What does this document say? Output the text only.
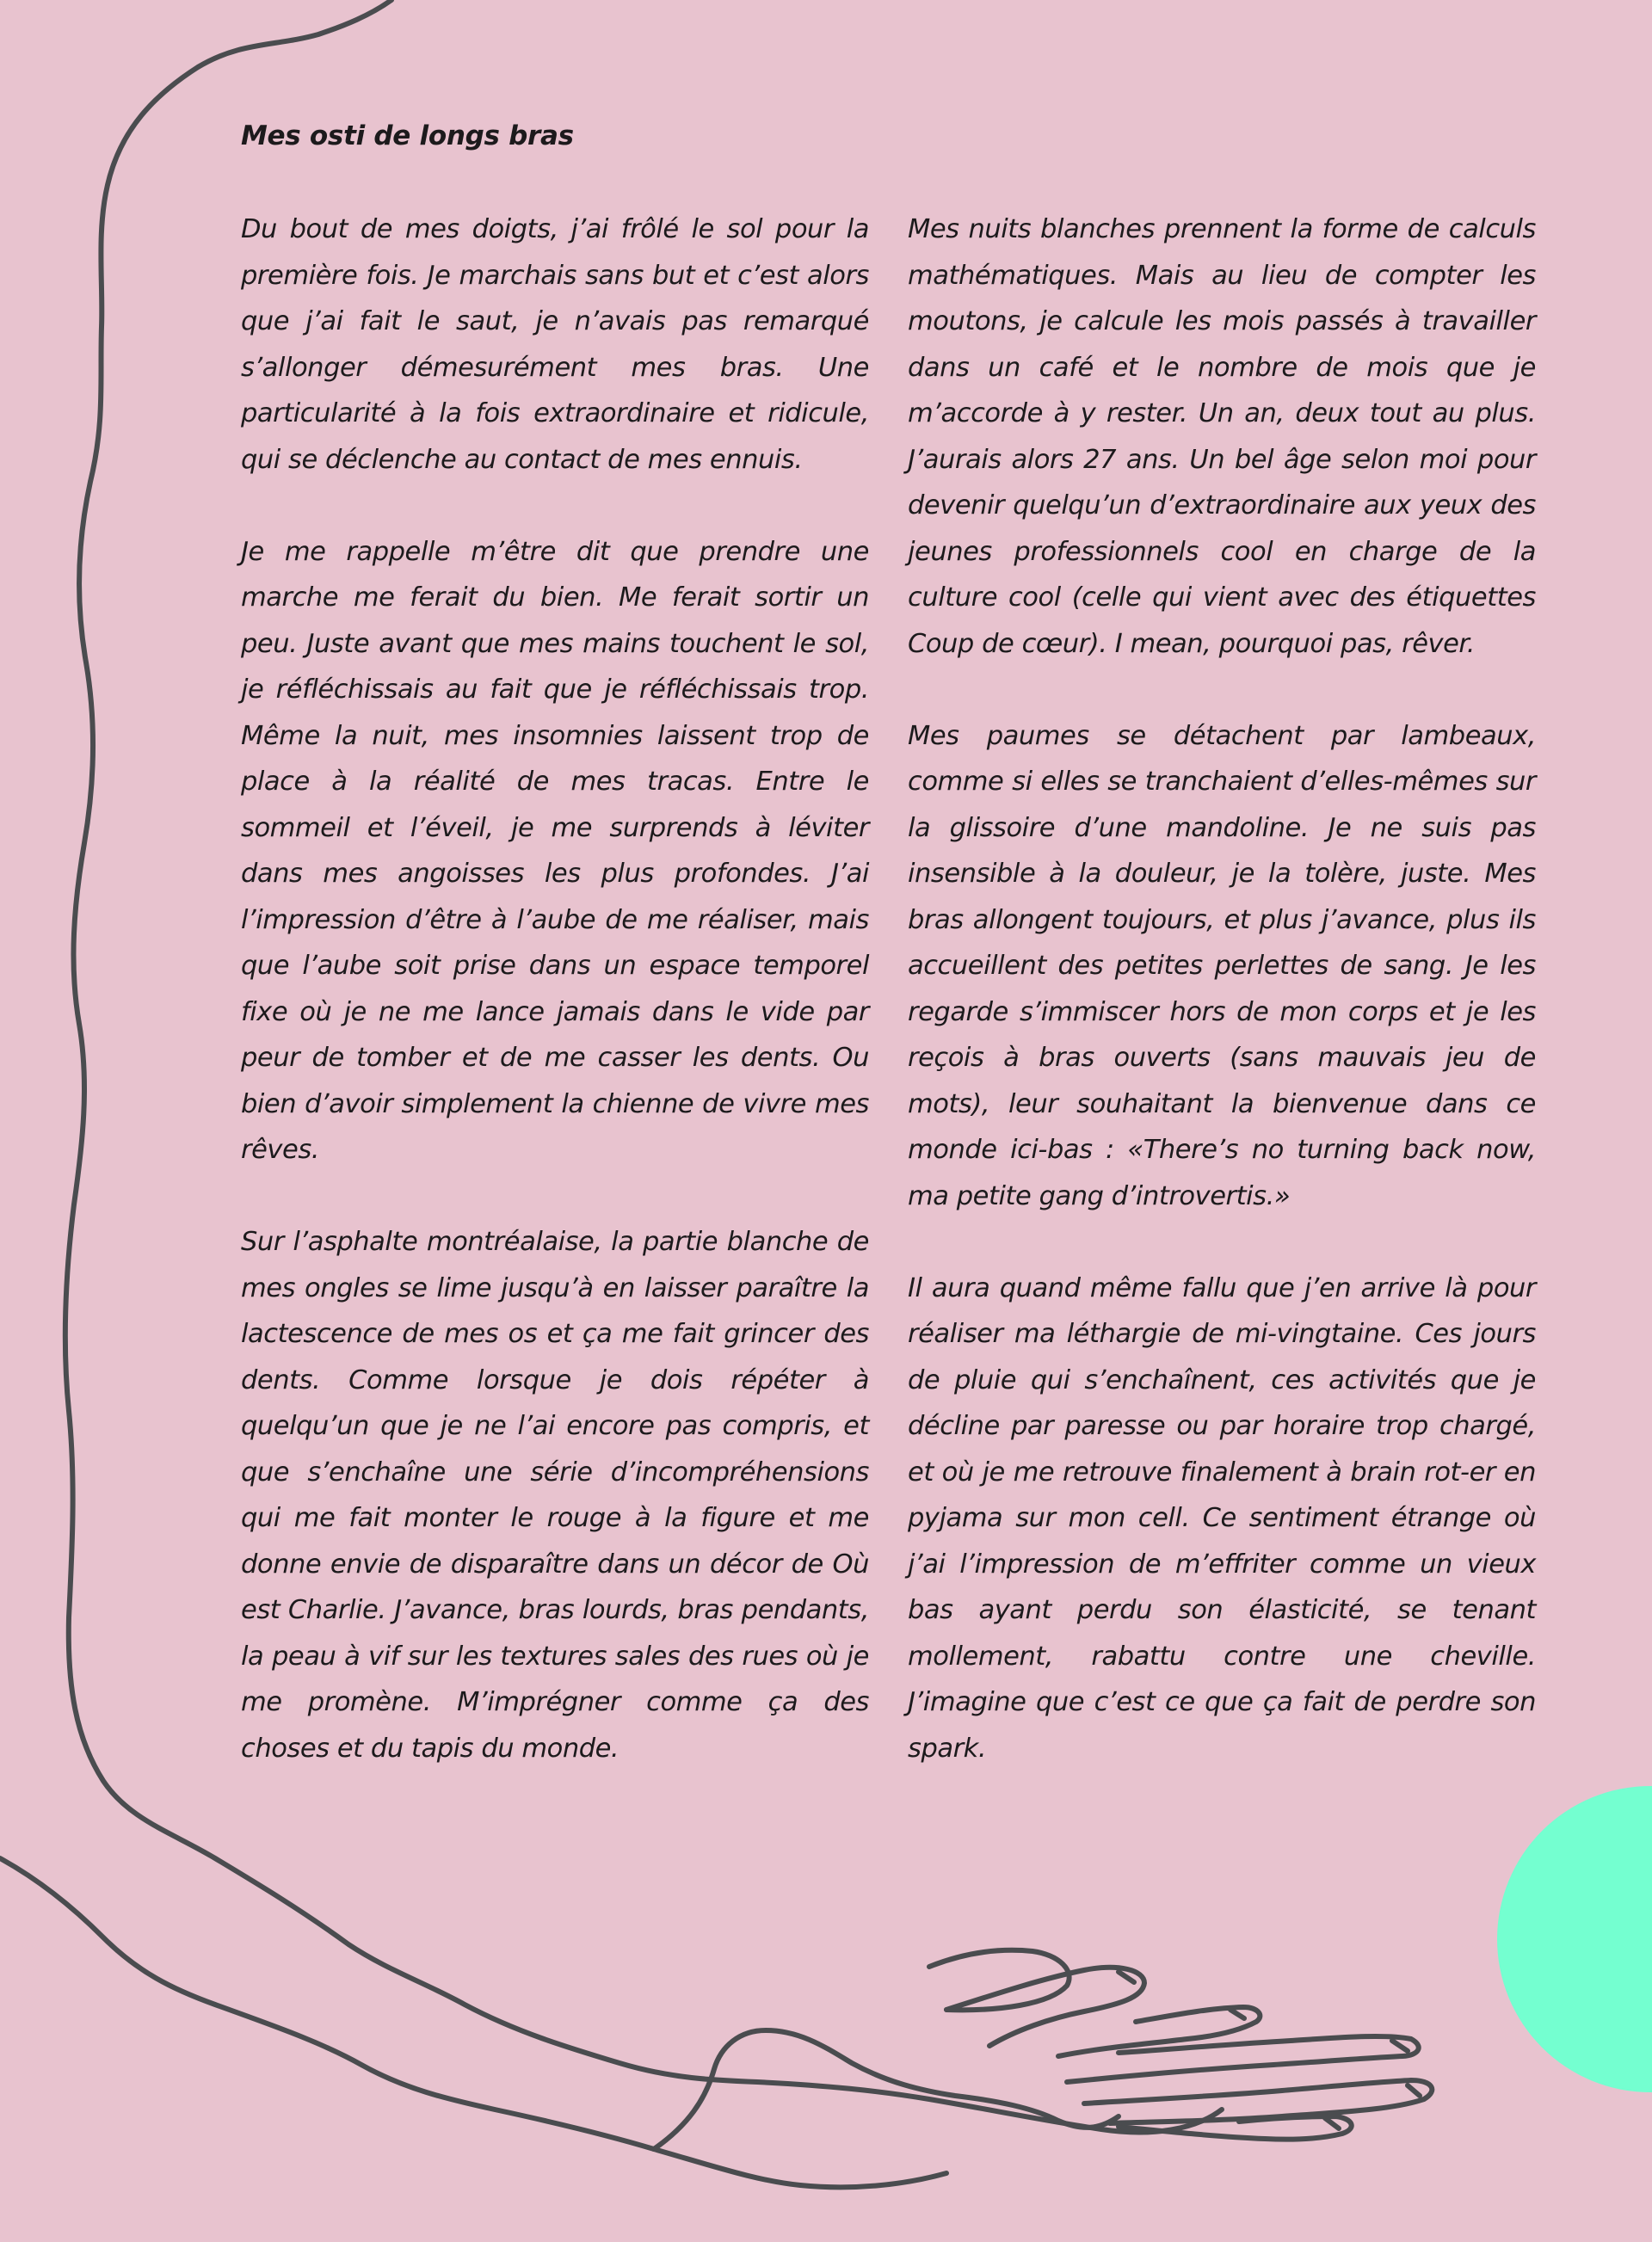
Mes osti de longs bras

Du bout de mes doigts, j’ai frôlé le sol pour la première fois. Je marchais sans but et c’est alors que j’ai fait le saut, je n’avais pas remarqué s’allonger démesurément mes bras. Une particularité à la fois extraordinaire et ridicule, qui se déclenche au contact de mes ennuis.

Je me rappelle m’être dit que prendre une marche me ferait du bien. Me ferait sortir un peu. Juste avant que mes mains touchent le sol, je réfléchissais au fait que je réfléchissais trop. Même la nuit, mes insomnies laissent trop de place à la réalité de mes tracas. Entre le sommeil et l’éveil, je me surprends à léviter dans mes angoisses les plus profondes. J’ai l’impression d’être à l’aube de me réaliser, mais que l’aube soit prise dans un espace temporel fixe où je ne me lance jamais dans le vide par peur de tomber et de me casser les dents. Ou bien d’avoir simplement la chienne de vivre mes rêves.

Sur l’asphalte montréalaise, la partie blanche de mes ongles se lime jusqu’à en laisser paraître la lactescence de mes os et ça me fait grincer des dents. Comme lorsque je dois répéter à quelqu’un que je ne l’ai encore pas compris, et que s’enchaîne une série d’incompréhensions qui me fait monter le rouge à la figure et me donne envie de disparaître dans un décor de Où est Charlie. J’avance, bras lourds, bras pendants, la peau à vif sur les textures sales des rues où je me promène. M’imprégner comme ça des choses et du tapis du monde.

Mes nuits blanches prennent la forme de calculs mathématiques. Mais au lieu de compter les moutons, je calcule les mois passés à travailler dans un café et le nombre de mois que je m’accorde à y rester. Un an, deux tout au plus. J’aurais alors 27 ans. Un bel âge selon moi pour devenir quelqu’un d’extraordinaire aux yeux des jeunes professionnels cool en charge de la culture cool (celle qui vient avec des étiquettes Coup de cœur). I mean, pourquoi pas, rêver.

Mes paumes se détachent par lambeaux, comme si elles se tranchaient d’elles-mêmes sur la glissoire d’une mandoline. Je ne suis pas insensible à la douleur, je la tolère, juste. Mes bras allongent toujours, et plus j’avance, plus ils accueillent des petites perlettes de sang. Je les regarde s’immiscer hors de mon corps et je les reçois à bras ouverts (sans mauvais jeu de mots), leur souhaitant la bienvenue dans ce monde ici-bas : «There’s no turning back now, ma petite gang d’introvertis.»

Il aura quand même fallu que j’en arrive là pour réaliser ma léthargie de mi-vingtaine. Ces jours de pluie qui s’enchaînent, ces activités que je décline par paresse ou par horaire trop chargé, et où je me retrouve finalement à brain rot-er en pyjama sur mon cell. Ce sentiment étrange où j’ai l’impression de m’effriter comme un vieux bas ayant perdu son élasticité, se tenant mollement, rabattu contre une cheville. J’imagine que c’est ce que ça fait de perdre son spark.
